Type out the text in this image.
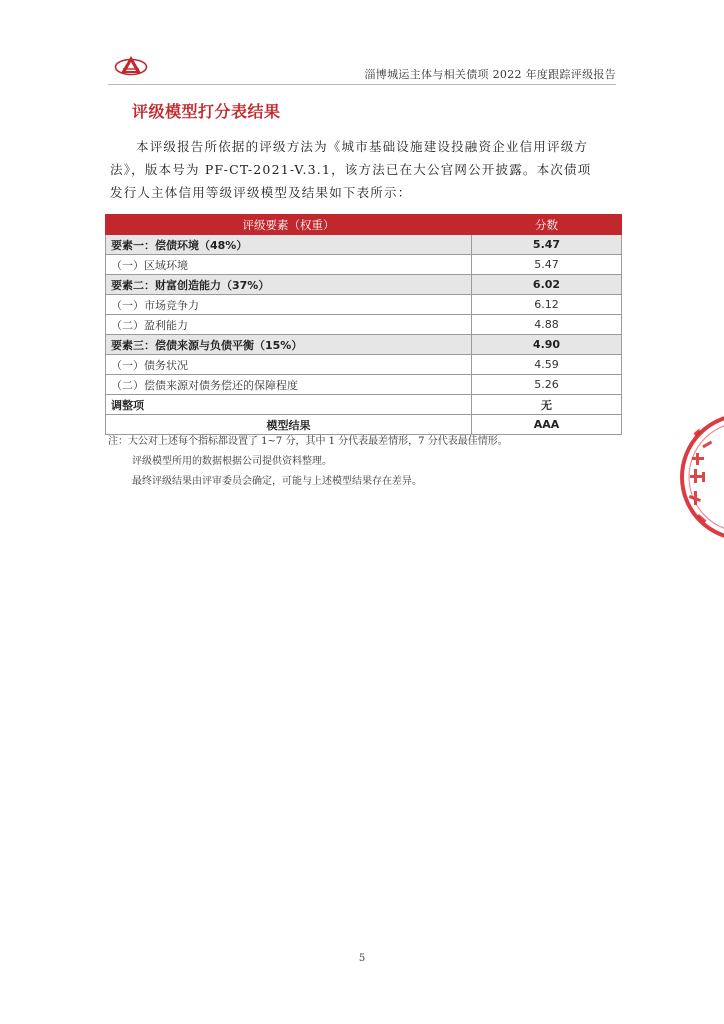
淄博城运主体与相关债项 2022 年度跟踪评级报告
评级模型打分表结果
本评级报告所依据的评级方法为《城市基础设施建设投融资企业信用评级方
法》，版本号为 PF-CT-2021-V.3.1，该方法已在大公官网公开披露。本次债项
发行人主体信用等级评级模型及结果如下表所示：
评级要素（权重）	分数
要素一：偿债环境（48%）	5.47
（一）区域环境	5.47
要素二：财富创造能力（37%）	6.02
（一）市场竞争力	6.12
（二）盈利能力	4.88
要素三：偿债来源与负债平衡（15%）	4.90
（一）债务状况	4.59
（二）偿债来源对债务偿还的保障程度	5.26
调整项	无
模型结果	AAA
注：大公对上述每个指标都设置了 1~7 分，其中 1 分代表最差情形，7 分代表最佳情形。
评级模型所用的数据根据公司提供资料整理。
最终评级结果由评审委员会确定，可能与上述模型结果存在差异。
5
